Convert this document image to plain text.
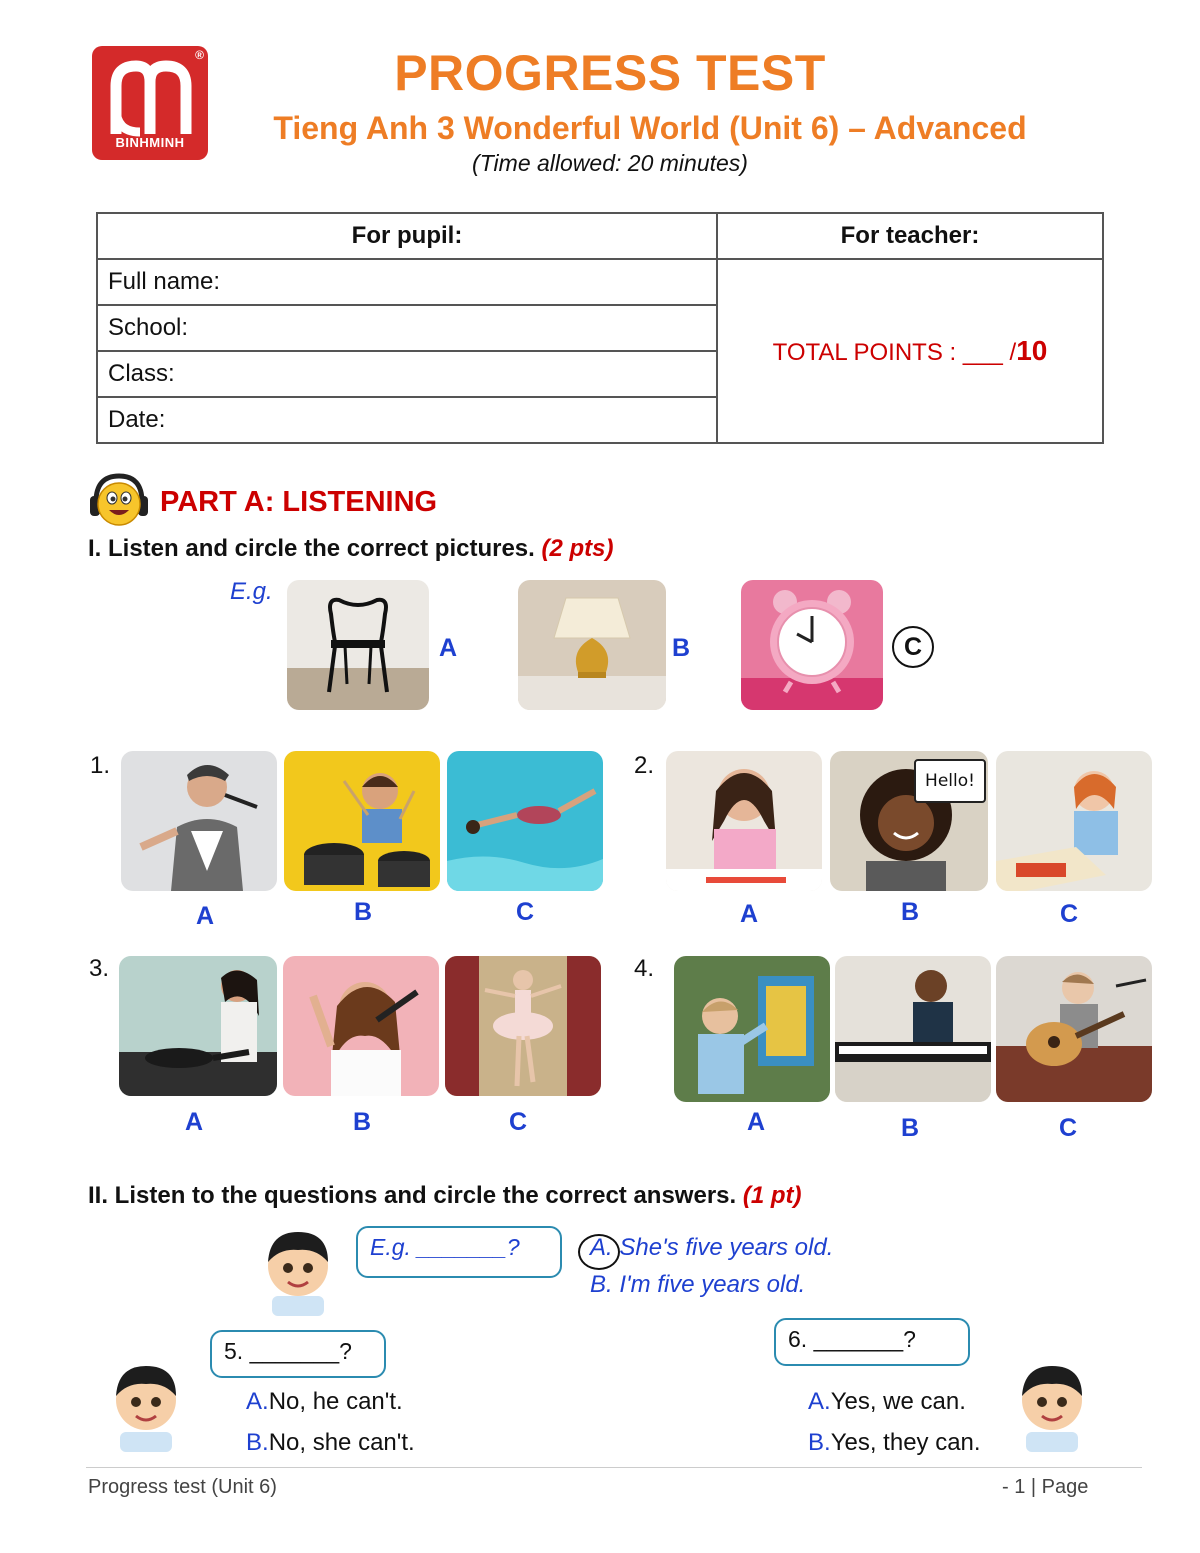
®
BINHMINH
PROGRESS TEST
Tieng Anh 3 Wonderful World (Unit 6) – Advanced
(Time allowed: 20 minutes)
For pupil:	For teacher:
Full name:	TOTAL POINTS : ___ /10
School:	
Class:	
Date:	
PART A: LISTENING
I. Listen and circle the correct pictures. (2 pts)
E.g.
A	B	C
1.
A	B	C
2.
Hello!
A	B	C
3.
A	B	C
4.
A	B	C
II. Listen to the questions and circle the correct answers. (1 pt)
E.g. _______?	A. She's five years old.
B. I'm five years old.
5. _______?
A.No, he can't.
B.No, she can't.
6. _______?
A.Yes, we can.
B.Yes, they can.
Progress test (Unit 6)	- 1 | Page
